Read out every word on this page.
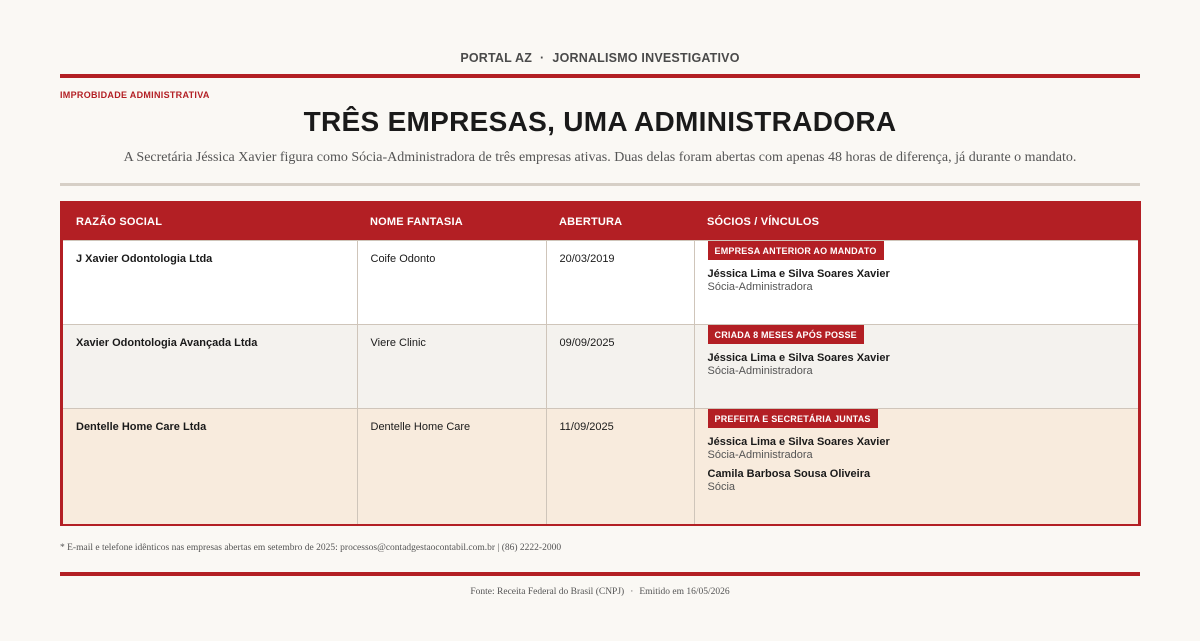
PORTAL AZ · JORNALISMO INVESTIGATIVO
IMPROBIDADE ADMINISTRATIVA
TRÊS EMPRESAS, UMA ADMINISTRADORA

A Secretária Jéssica Xavier figura como Sócia-Administradora de três empresas ativas. Duas delas foram abertas com apenas 48 horas de diferença, já durante o mandato.

RAZÃO SOCIAL	NOME FANTASIA	ABERTURA	SÓCIOS / VÍNCULOS
J Xavier Odontologia Ltda	Coife Odonto	20/03/2019	EMPRESA ANTERIOR AO MANDATO
Jéssica Lima e Silva Soares Xavier
Sócia-Administradora

Xavier Odontologia Avançada Ltda	Viere Clinic	09/09/2025	CRIADA 8 MESES APÓS POSSE
Jéssica Lima e Silva Soares Xavier
Sócia-Administradora

Dentelle Home Care Ltda	Dentelle Home Care	11/09/2025	PREFEITA E SECRETÁRIA JUNTAS
Jéssica Lima e Silva Soares Xavier
Sócia-Administradora
Camila Barbosa Sousa Oliveira
Sócia

* E-mail e telefone idênticos nas empresas abertas em setembro de 2025: processos@contadgestaocontabil.com.br | (86) 2222-2000

Fonte: Receita Federal do Brasil (CNPJ) · Emitido em 16/05/2026
